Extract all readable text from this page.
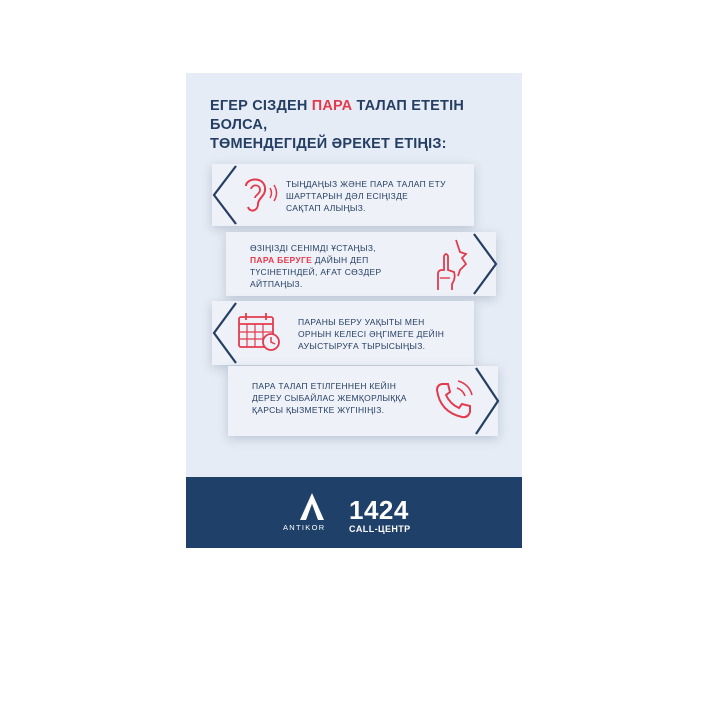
ЕГЕР СІЗДЕН ПАРА ТАЛАП ЕТЕТІН БОЛСА,
ТӨМЕНДЕГІДЕЙ ӘРЕКЕТ ЕТІҢІЗ:
ТЫҢДАҢЫЗ ЖӘНЕ ПАРА ТАЛАП ЕТУ
ШАРТТАРЫН ДӘЛ ЕСІҢІЗДЕ
САҚТАП АЛЫҢЫЗ.
ӨЗІҢІЗДІ СЕНІМДІ ҰСТАҢЫЗ,
ПАРА БЕРУГЕ ДАЙЫН ДЕП
ТҮСІНЕТІНДЕЙ, АҒАТ СӨЗДЕР
АЙТПАҢЫЗ.
ПАРАНЫ БЕРУ УАҚЫТЫ МЕН
ОРНЫН КЕЛЕСІ ӘҢГІМЕГЕ ДЕЙІН
АУЫСТЫРУҒА ТЫРЫСЫҢЫЗ.
ПАРА ТАЛАП ЕТІЛГЕННЕН КЕЙІН
ДЕРЕУ СЫБАЙЛАС ЖЕМҚОРЛЫҚҚА
ҚАРСЫ ҚЫЗМЕТКЕ ЖҮГІНІҢІЗ.
ANTIKOR
1424
CALL-ЦЕНТР
